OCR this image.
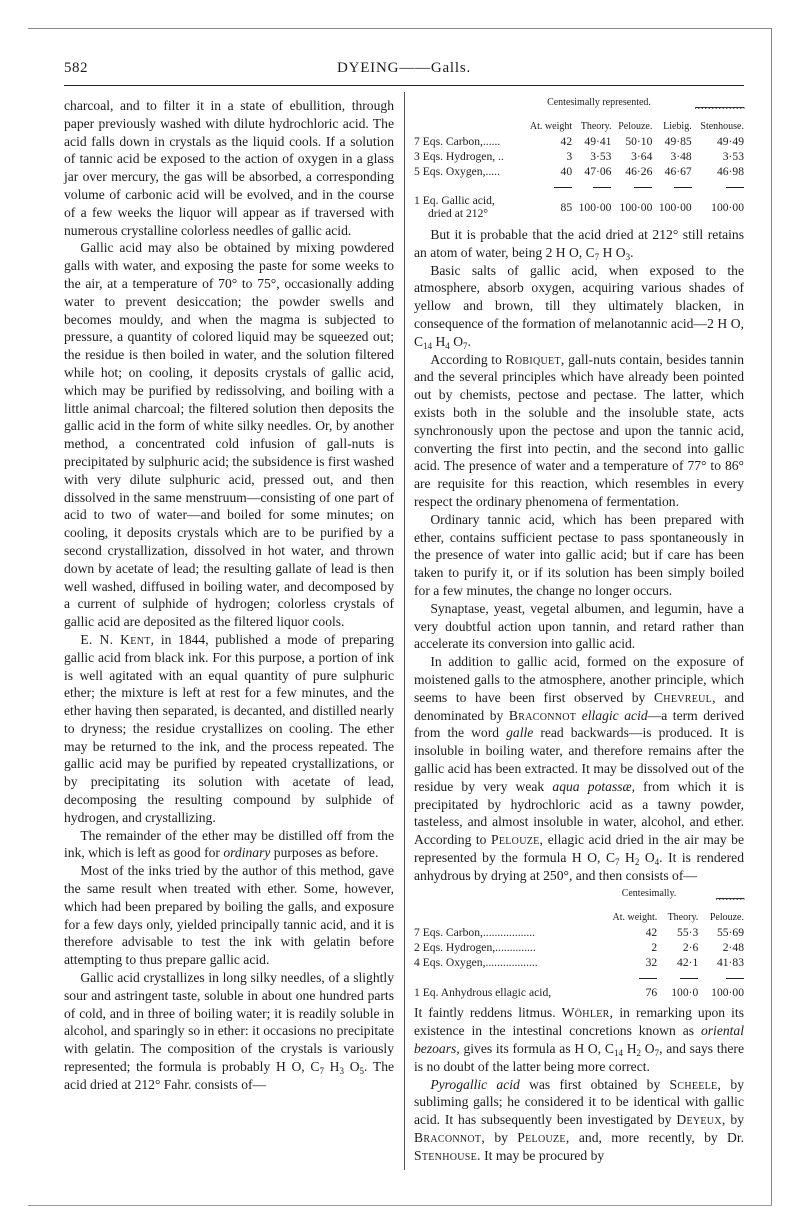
582	DYEING——Galls.

charcoal, and to filter it in a state of ebullition, through paper previously washed with dilute hydrochloric acid. The acid falls down in crystals as the liquid cools. If a solution of tannic acid be exposed to the action of oxygen in a glass jar over mercury, the gas will be absorbed, a corresponding volume of carbonic acid will be evolved, and in the course of a few weeks the liquor will appear as if traversed with numerous crystalline colorless needles of gallic acid.

Gallic acid may also be obtained by mixing powdered galls with water, and exposing the paste for some weeks to the air, at a temperature of 70° to 75°, occasionally adding water to prevent desiccation; the powder swells and becomes mouldy, and when the magma is subjected to pressure, a quantity of colored liquid may be squeezed out; the residue is then boiled in water, and the solution filtered while hot; on cooling, it deposits crystals of gallic acid, which may be purified by redissolving, and boiling with a little animal charcoal; the filtered solution then deposits the gallic acid in the form of white silky needles. Or, by another method, a concentrated cold infusion of gall-nuts is precipitated by sulphuric acid; the subsidence is first washed with very dilute sulphuric acid, pressed out, and then dissolved in the same menstruum—consisting of one part of acid to two of water—and boiled for some minutes; on cooling, it deposits crystals which are to be purified by a second crystallization, dissolved in hot water, and thrown down by acetate of lead; the resulting gallate of lead is then well washed, diffused in boiling water, and decomposed by a current of sulphide of hydrogen; colorless crystals of gallic acid are deposited as the filtered liquor cools.

E. N. Kent, in 1844, published a mode of preparing gallic acid from black ink. For this purpose, a portion of ink is well agitated with an equal quantity of pure sulphuric ether; the mixture is left at rest for a few minutes, and the ether having then separated, is decanted, and distilled nearly to dryness; the residue crystallizes on cooling. The ether may be returned to the ink, and the process repeated. The gallic acid may be purified by repeated crystallizations, or by precipitating its solution with acetate of lead, decomposing the resulting compound by sulphide of hydrogen, and crystallizing.

The remainder of the ether may be distilled off from the ink, which is left as good for ordinary purposes as before.

Most of the inks tried by the author of this method, gave the same result when treated with ether. Some, however, which had been prepared by boiling the galls, and exposure for a few days only, yielded principally tannic acid, and it is therefore advisable to test the ink with gelatin before attempting to thus prepare gallic acid.

Gallic acid crystallizes in long silky needles, of a slightly sour and astringent taste, soluble in about one hundred parts of cold, and in three of boiling water; it is readily soluble in alcohol, and sparingly so in ether: it occasions no precipitate with gelatin. The composition of the crystals is variously represented; the formula is probably H O, $C_7$ $H_3$ $O_5$. The acid dried at 212° Fahr. consists of—

Centesimally represented.
⎴⎴⎴⎴⎴⎴⎴⎴⎴⎴⎴⎴⎴⎴
	At. weight	Theory.	Pelouze.	Liebig.	Stenhouse.
7 Eqs. Carbon,......	42	49·41	50·10	49·85	49·49
3 Eqs. Hydrogen, ..	3	3·53	3·64	3·48	3·53
5 Eqs. Oxygen,.....	40	47·06	46·26	46·67	46·98

1 Eq. Gallic acid,
dried at 212°	85	100·00	100·00	100·00	100·00

But it is probable that the acid dried at 212° still retains an atom of water, being 2 H O, $C_7$ H $O_3$.

Basic salts of gallic acid, when exposed to the atmosphere, absorb oxygen, acquiring various shades of yellow and brown, till they ultimately blacken, in consequence of the formation of melanotannic acid—2 H O, $C_{14}$ $H_4$ $O_7$.

According to Robiquet, gall-nuts contain, besides tannin and the several principles which have already been pointed out by chemists, pectose and pectase. The latter, which exists both in the soluble and the insoluble state, acts synchronously upon the pectose and upon the tannic acid, converting the first into pectin, and the second into gallic acid. The presence of water and a temperature of 77° to 86° are requisite for this reaction, which resembles in every respect the ordinary phenomena of fermentation.

Ordinary tannic acid, which has been prepared with ether, contains sufficient pectase to pass spontaneously in the presence of water into gallic acid; but if care has been taken to purify it, or if its solution has been simply boiled for a few minutes, the change no longer occurs.

Synaptase, yeast, vegetal albumen, and legumin, have a very doubtful action upon tannin, and retard rather than accelerate its conversion into gallic acid.

In addition to gallic acid, formed on the exposure of moistened galls to the atmosphere, another principle, which seems to have been first observed by Chevreul, and denominated by Braconnot ellagic acid—a term derived from the word galle read backwards—is produced. It is insoluble in boiling water, and therefore remains after the gallic acid has been extracted. It may be dissolved out of the residue by very weak aqua potassæ, from which it is precipitated by hydrochloric acid as a tawny powder, tasteless, and almost insoluble in water, alcohol, and ether. According to Pelouze, ellagic acid dried in the air may be represented by the formula H O, $C_7$ $H_2$ $O_4$. It is rendered anhydrous by drying at 250°, and then consists of—

Centesimally.
⎴⎴⎴⎴⎴⎴⎴⎴
	At. weight.	Theory.	Pelouze.
7 Eqs. Carbon,..................	42	55·3	55·69
2 Eqs. Hydrogen,..............	2	2·6	2·48
4 Eqs. Oxygen,..................	32	42·1	41·83

1 Eq. Anhydrous ellagic acid,	76	100·0	100·00

It faintly reddens litmus. Wöhler, in remarking upon its existence in the intestinal concretions known as oriental bezoars, gives its formula as H O, $C_{14}$ $H_2$ $O_7$, and says there is no doubt of the latter being more correct.

Pyrogallic acid was first obtained by Scheele, by subliming galls; he considered it to be identical with gallic acid. It has subsequently been investigated by Deyeux, by Braconnot, by Pelouze, and, more recently, by Dr. Stenhouse. It may be procured by
